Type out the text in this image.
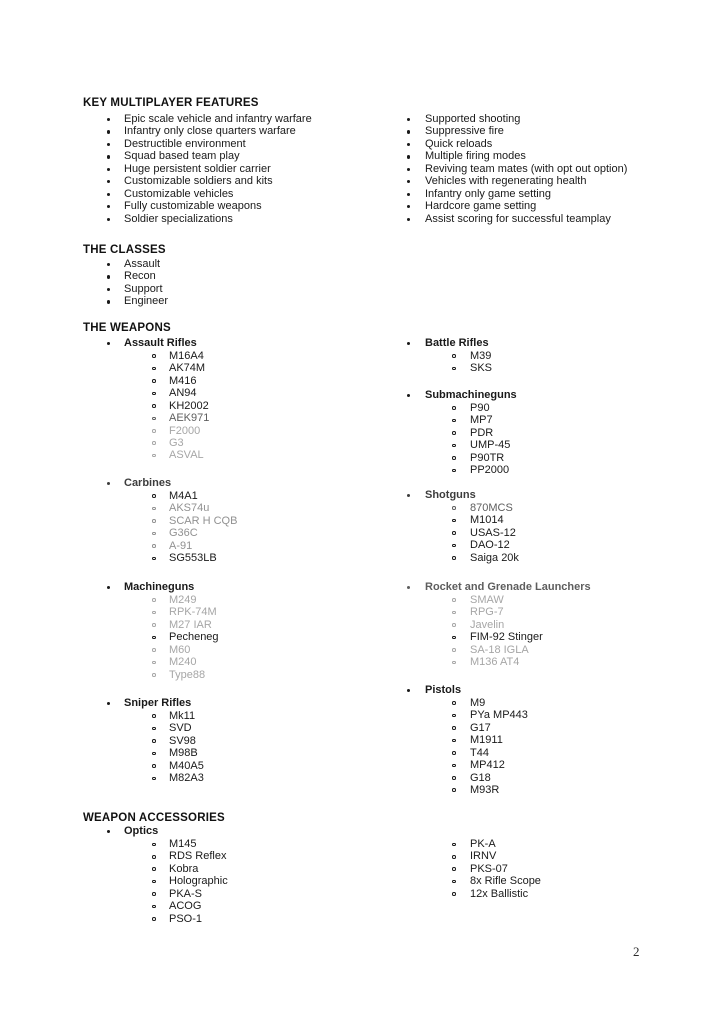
KEY MULTIPLAYER FEATURES
Epic scale vehicle and infantry warfare
Infantry only close quarters warfare
Destructible environment
Squad based team play
Huge persistent soldier carrier
Customizable soldiers and kits
Customizable vehicles
Fully customizable weapons
Soldier specializations
Supported shooting
Suppressive fire
Quick reloads
Multiple firing modes
Reviving team mates (with opt out option)
Vehicles with regenerating health
Infantry only game setting
Hardcore game setting
Assist scoring for successful teamplay
THE CLASSES
Assault
Recon
Support
Engineer
THE WEAPONS
Assault Rifles
M16A4
AK74M
M416
AN94
KH2002
AEK971
F2000
G3
ASVAL
Carbines
M4A1
AKS74u
SCAR H CQB
G36C
A-91
SG553LB
Machineguns
M249
RPK-74M
M27 IAR
Pecheneg
M60
M240
Type88
Sniper Rifles
Mk11
SVD
SV98
M98B
M40A5
M82A3
Battle Rifles
M39
SKS
Submachineguns
P90
MP7
PDR
UMP-45
P90TR
PP2000
Shotguns
870MCS
M1014
USAS-12
DAO-12
Saiga 20k
Rocket and Grenade Launchers
SMAW
RPG-7
Javelin
FIM-92 Stinger
SA-18 IGLA
M136 AT4
Pistols
M9
PYa MP443
G17
M1911
T44
MP412
G18
M93R
WEAPON ACCESSORIES
Optics
M145
RDS Reflex
Kobra
Holographic
PKA-S
ACOG
PSO-1
PK-A
IRNV
PKS-07
8x Rifle Scope
12x Ballistic
2
